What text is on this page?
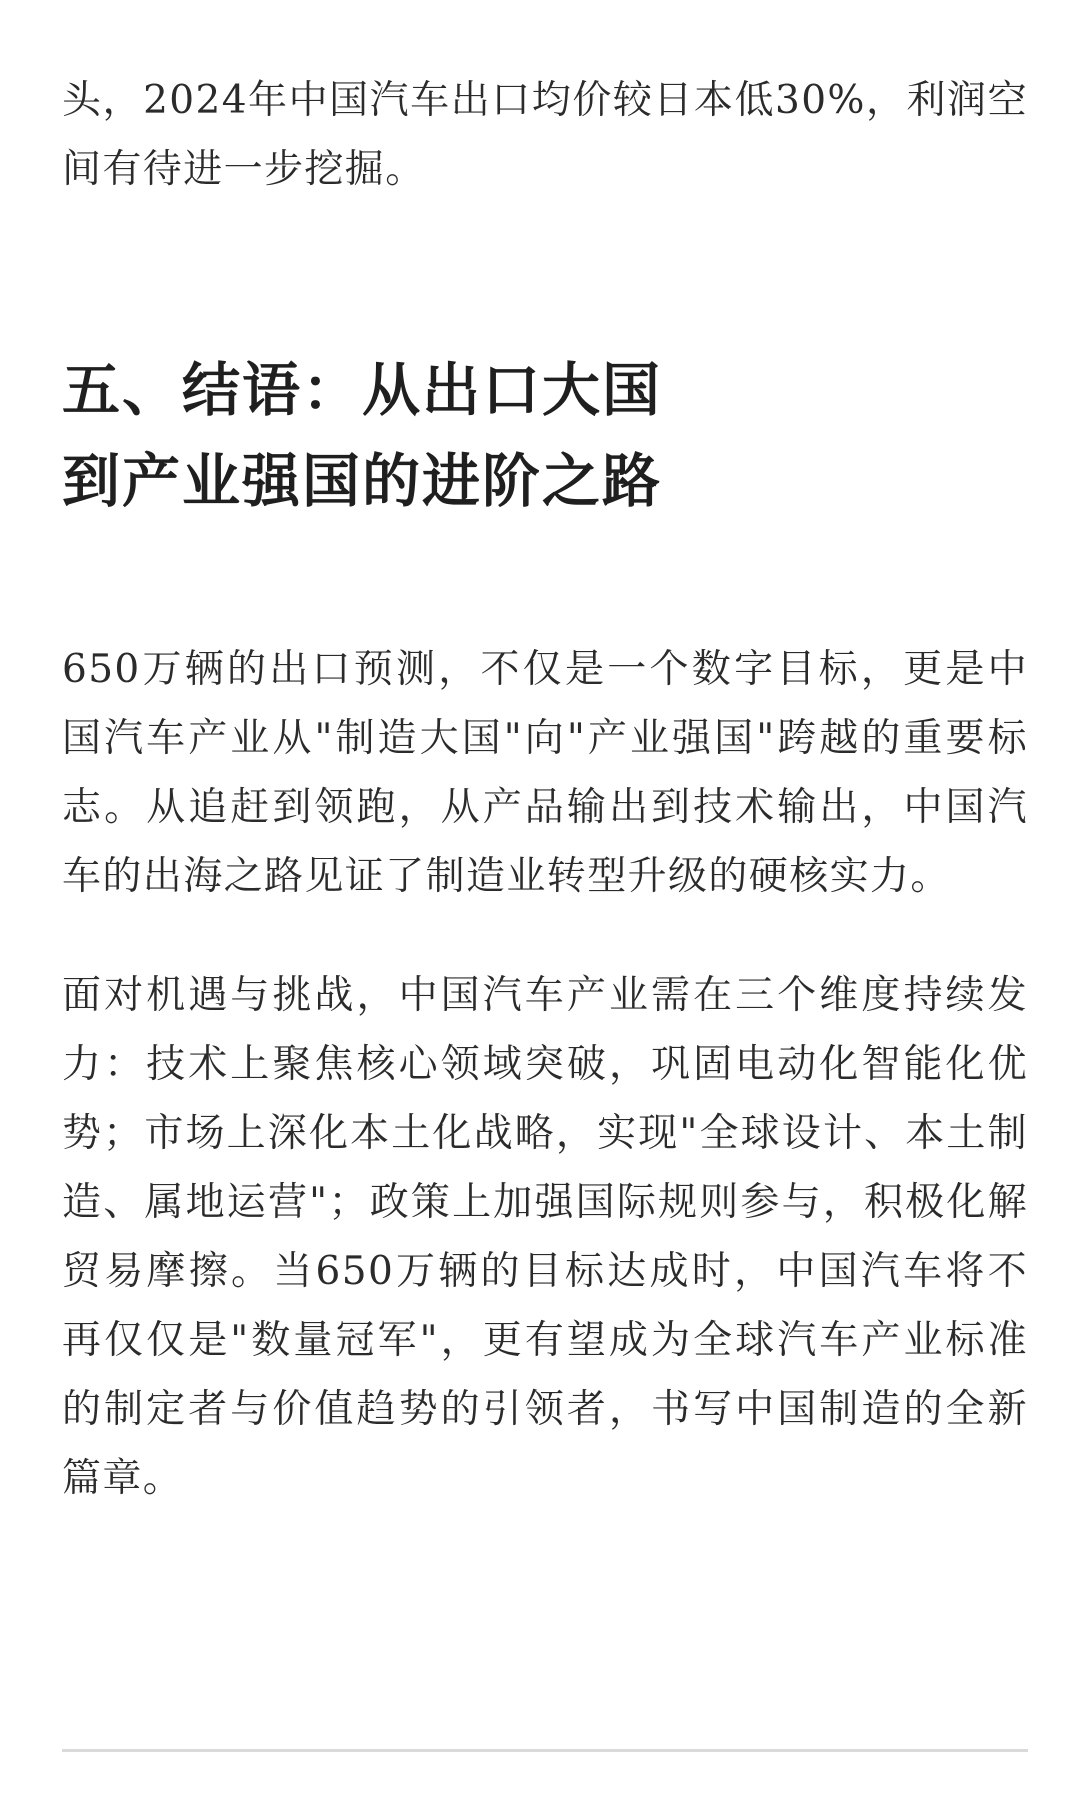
头，2024年中国汽车出口均价较日本低30%，利润空间有待进一步挖掘。

五、结语：从出口大国
到产业强国的进阶之路

650万辆的出口预测，不仅是一个数字目标，更是中国汽车产业从"制造大国"向"产业强国"跨越的重要标志。从追赶到领跑，从产品输出到技术输出，中国汽车的出海之路见证了制造业转型升级的硬核实力。

面对机遇与挑战，中国汽车产业需在三个维度持续发力：技术上聚焦核心领域突破，巩固电动化智能化优势；市场上深化本土化战略，实现"全球设计、本土制造、属地运营"；政策上加强国际规则参与，积极化解贸易摩擦。当650万辆的目标达成时，中国汽车将不再仅仅是"数量冠军"，更有望成为全球汽车产业标准的制定者与价值趋势的引领者，书写中国制造的全新篇章。
